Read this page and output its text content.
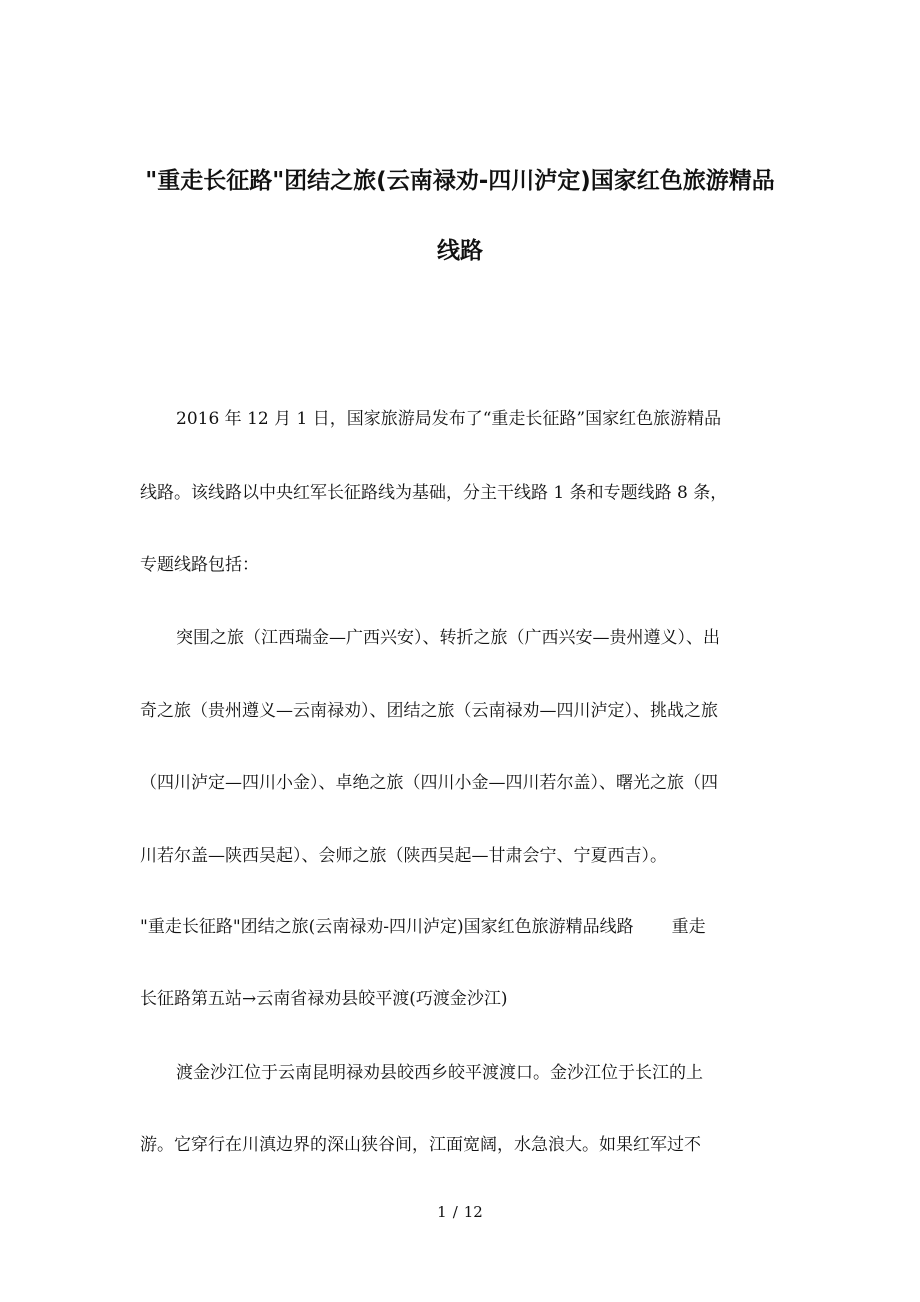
"重走长征路"团结之旅(云南禄劝-四川泸定)国家红色旅游精品
线路

2016 年 12 月 1 日，国家旅游局发布了“重走长征路”国家红色旅游精品

线路。该线路以中央红军长征路线为基础，分主干线路 1 条和专题线路 8 条，

专题线路包括：

突围之旅（江西瑞金—广西兴安）、转折之旅（广西兴安—贵州遵义）、出

奇之旅（贵州遵义—云南禄劝）、团结之旅（云南禄劝—四川泸定）、挑战之旅

（四川泸定—四川小金）、卓绝之旅（四川小金—四川若尔盖）、曙光之旅（四

川若尔盖—陕西吴起）、会师之旅（陕西吴起—甘肃会宁、宁夏西吉）。

"重走长征路"团结之旅(云南禄劝-四川泸定)国家红色旅游精品线路 重走

长征路第五站→云南省禄劝县皎平渡(巧渡金沙江)

渡金沙江位于云南昆明禄劝县皎西乡皎平渡渡口。金沙江位于长江的上

游。它穿行在川滇边界的深山狭谷间，江面宽阔，水急浪大。如果红军过不

1 / 12
